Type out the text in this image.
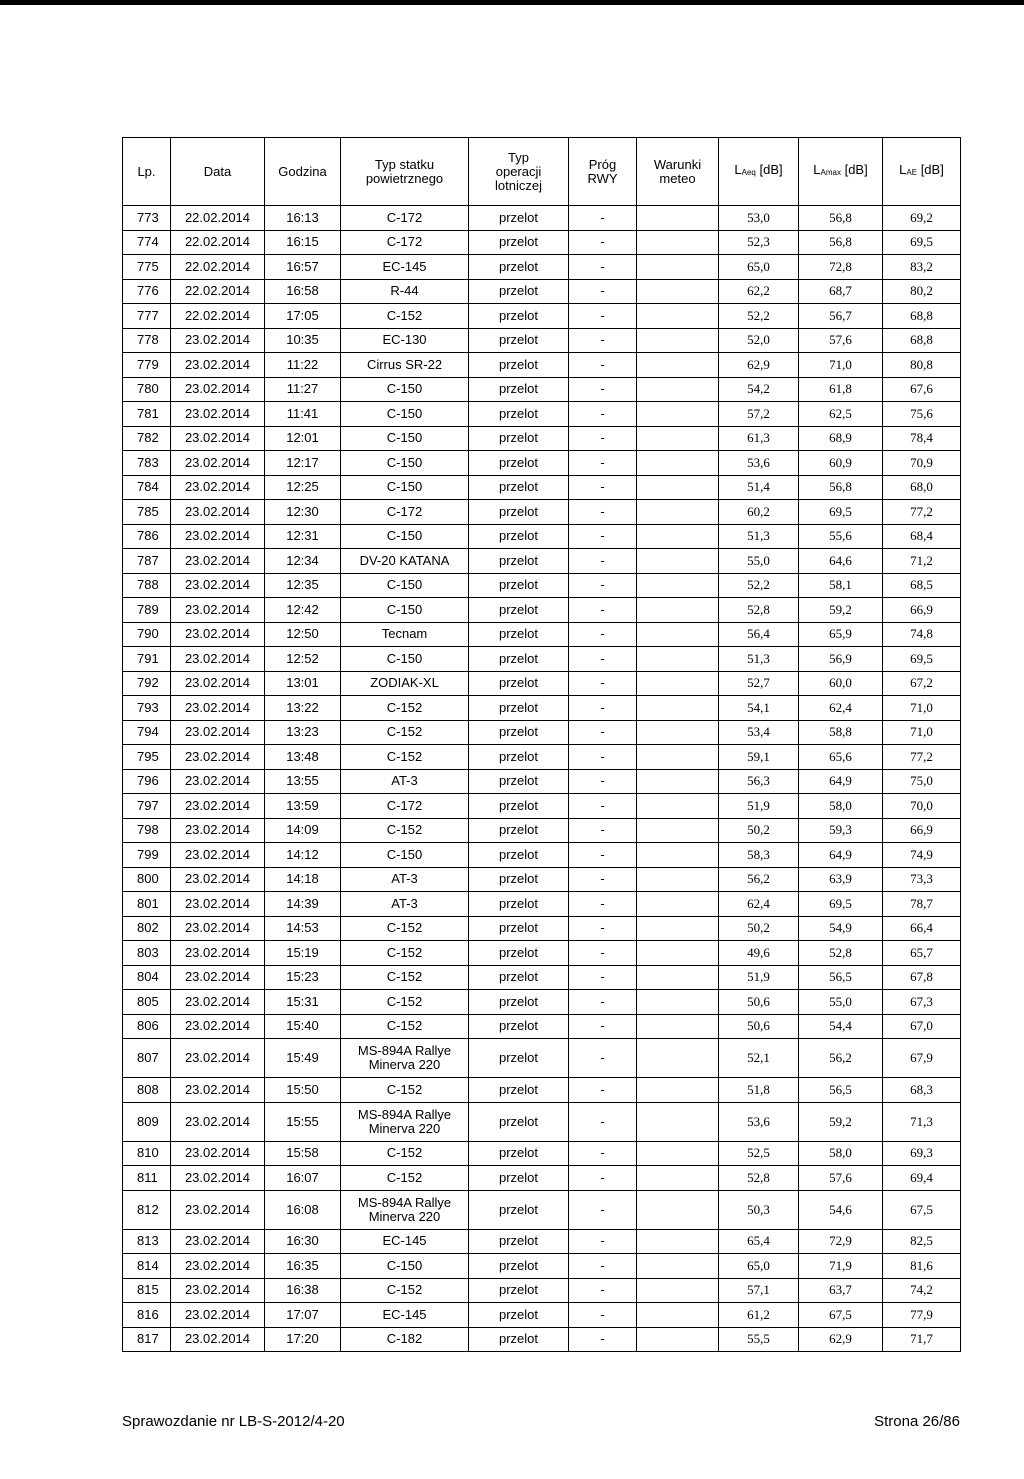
Lp.	Data	Godzina	Typ statku powietrznego	Typ operacji lotniczej	Próg RWY	Warunki meteo	LAeq [dB]	LAmax [dB]	LAE [dB]
773	22.02.2014	16:13	C-172	przelot	-		53,0	56,8	69,2
774	22.02.2014	16:15	C-172	przelot	-		52,3	56,8	69,5
775	22.02.2014	16:57	EC-145	przelot	-		65,0	72,8	83,2
776	22.02.2014	16:58	R-44	przelot	-		62,2	68,7	80,2
777	22.02.2014	17:05	C-152	przelot	-		52,2	56,7	68,8
778	23.02.2014	10:35	EC-130	przelot	-		52,0	57,6	68,8
779	23.02.2014	11:22	Cirrus SR-22	przelot	-		62,9	71,0	80,8
780	23.02.2014	11:27	C-150	przelot	-		54,2	61,8	67,6
781	23.02.2014	11:41	C-150	przelot	-		57,2	62,5	75,6
782	23.02.2014	12:01	C-150	przelot	-		61,3	68,9	78,4
783	23.02.2014	12:17	C-150	przelot	-		53,6	60,9	70,9
784	23.02.2014	12:25	C-150	przelot	-		51,4	56,8	68,0
785	23.02.2014	12:30	C-172	przelot	-		60,2	69,5	77,2
786	23.02.2014	12:31	C-150	przelot	-		51,3	55,6	68,4
787	23.02.2014	12:34	DV-20 KATANA	przelot	-		55,0	64,6	71,2
788	23.02.2014	12:35	C-150	przelot	-		52,2	58,1	68,5
789	23.02.2014	12:42	C-150	przelot	-		52,8	59,2	66,9
790	23.02.2014	12:50	Tecnam	przelot	-		56,4	65,9	74,8
791	23.02.2014	12:52	C-150	przelot	-		51,3	56,9	69,5
792	23.02.2014	13:01	ZODIAK-XL	przelot	-		52,7	60,0	67,2
793	23.02.2014	13:22	C-152	przelot	-		54,1	62,4	71,0
794	23.02.2014	13:23	C-152	przelot	-		53,4	58,8	71,0
795	23.02.2014	13:48	C-152	przelot	-		59,1	65,6	77,2
796	23.02.2014	13:55	AT-3	przelot	-		56,3	64,9	75,0
797	23.02.2014	13:59	C-172	przelot	-		51,9	58,0	70,0
798	23.02.2014	14:09	C-152	przelot	-		50,2	59,3	66,9
799	23.02.2014	14:12	C-150	przelot	-		58,3	64,9	74,9
800	23.02.2014	14:18	AT-3	przelot	-		56,2	63,9	73,3
801	23.02.2014	14:39	AT-3	przelot	-		62,4	69,5	78,7
802	23.02.2014	14:53	C-152	przelot	-		50,2	54,9	66,4
803	23.02.2014	15:19	C-152	przelot	-		49,6	52,8	65,7
804	23.02.2014	15:23	C-152	przelot	-		51,9	56,5	67,8
805	23.02.2014	15:31	C-152	przelot	-		50,6	55,0	67,3
806	23.02.2014	15:40	C-152	przelot	-		50,6	54,4	67,0
807	23.02.2014	15:49	MS-894A Rallye Minerva 220	przelot	-		52,1	56,2	67,9
808	23.02.2014	15:50	C-152	przelot	-		51,8	56,5	68,3
809	23.02.2014	15:55	MS-894A Rallye Minerva 220	przelot	-		53,6	59,2	71,3
810	23.02.2014	15:58	C-152	przelot	-		52,5	58,0	69,3
811	23.02.2014	16:07	C-152	przelot	-		52,8	57,6	69,4
812	23.02.2014	16:08	MS-894A Rallye Minerva 220	przelot	-		50,3	54,6	67,5
813	23.02.2014	16:30	EC-145	przelot	-		65,4	72,9	82,5
814	23.02.2014	16:35	C-150	przelot	-		65,0	71,9	81,6
815	23.02.2014	16:38	C-152	przelot	-		57,1	63,7	74,2
816	23.02.2014	17:07	EC-145	przelot	-		61,2	67,5	77,9
817	23.02.2014	17:20	C-182	przelot	-		55,5	62,9	71,7
Sprawozdanie nr LB-S-2012/4-20	Strona 26/86
